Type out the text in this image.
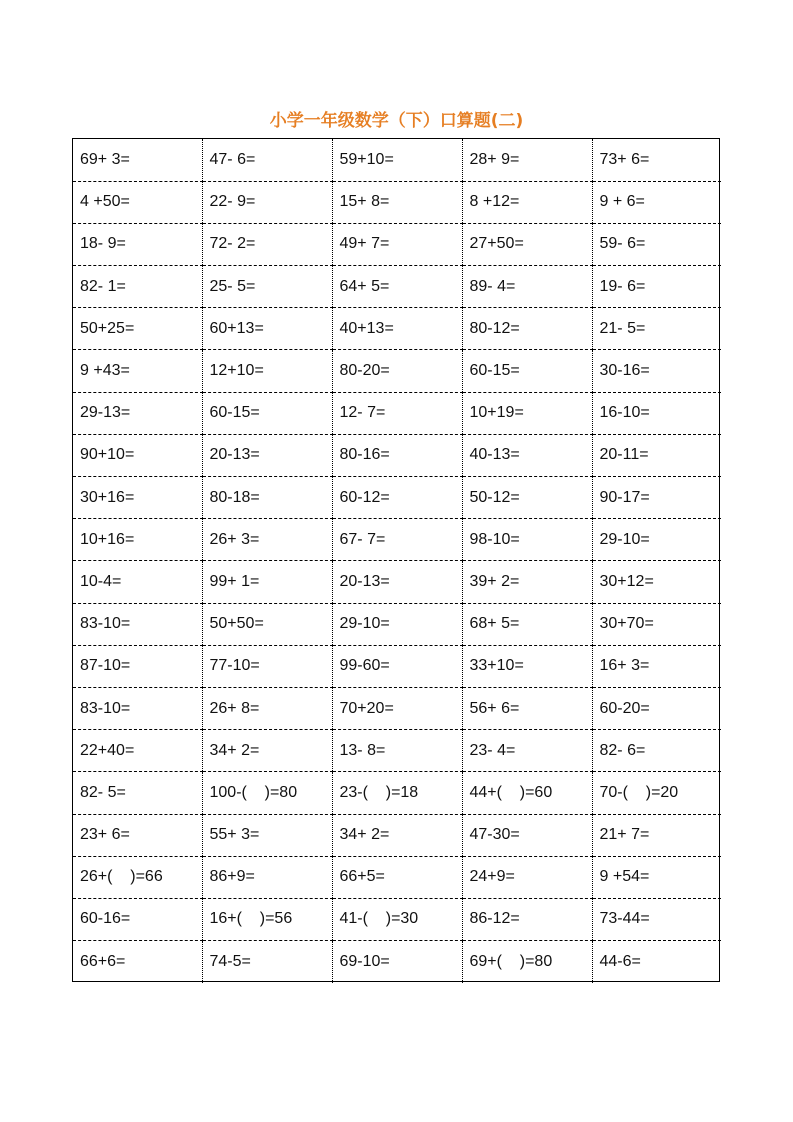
小学一年级数学（下）口算题(二)
69+ 3=	47- 6=	59+10=	28+ 9=	73+ 6=
4 +50=	22- 9=	15+ 8=	8 +12=	9 + 6=
18- 9=	72- 2=	49+ 7=	27+50=	59- 6=
82- 1=	25- 5=	64+ 5=	89- 4=	19- 6=
50+25=	60+13=	40+13=	80-12=	21- 5=
9 +43=	12+10=	80-20=	60-15=	30-16=
29-13=	60-15=	12- 7=	10+19=	16-10=
90+10=	20-13=	80-16=	40-13=	20-11=
30+16=	80-18=	60-12=	50-12=	90-17=
10+16=	26+ 3=	67- 7=	98-10=	29-10=
10-4=	99+ 1=	20-13=	39+ 2=	30+12=
83-10=	50+50=	29-10=	68+ 5=	30+70=
87-10=	77-10=	99-60=	33+10=	16+ 3=
83-10=	26+ 8=	70+20=	56+ 6=	60-20=
22+40=	34+ 2=	13- 8=	23- 4=	82- 6=
82- 5=	100-(    )=80	23-(    )=18	44+(    )=60	70-(    )=20
23+ 6=	55+ 3=	34+ 2=	47-30=	21+ 7=
26+(    )=66	86+9=	66+5=	24+9=	9 +54=
60-16=	16+(    )=56	41-(    )=30	86-12=	73-44=
66+6=	74-5=	69-10=	69+(    )=80	44-6=
